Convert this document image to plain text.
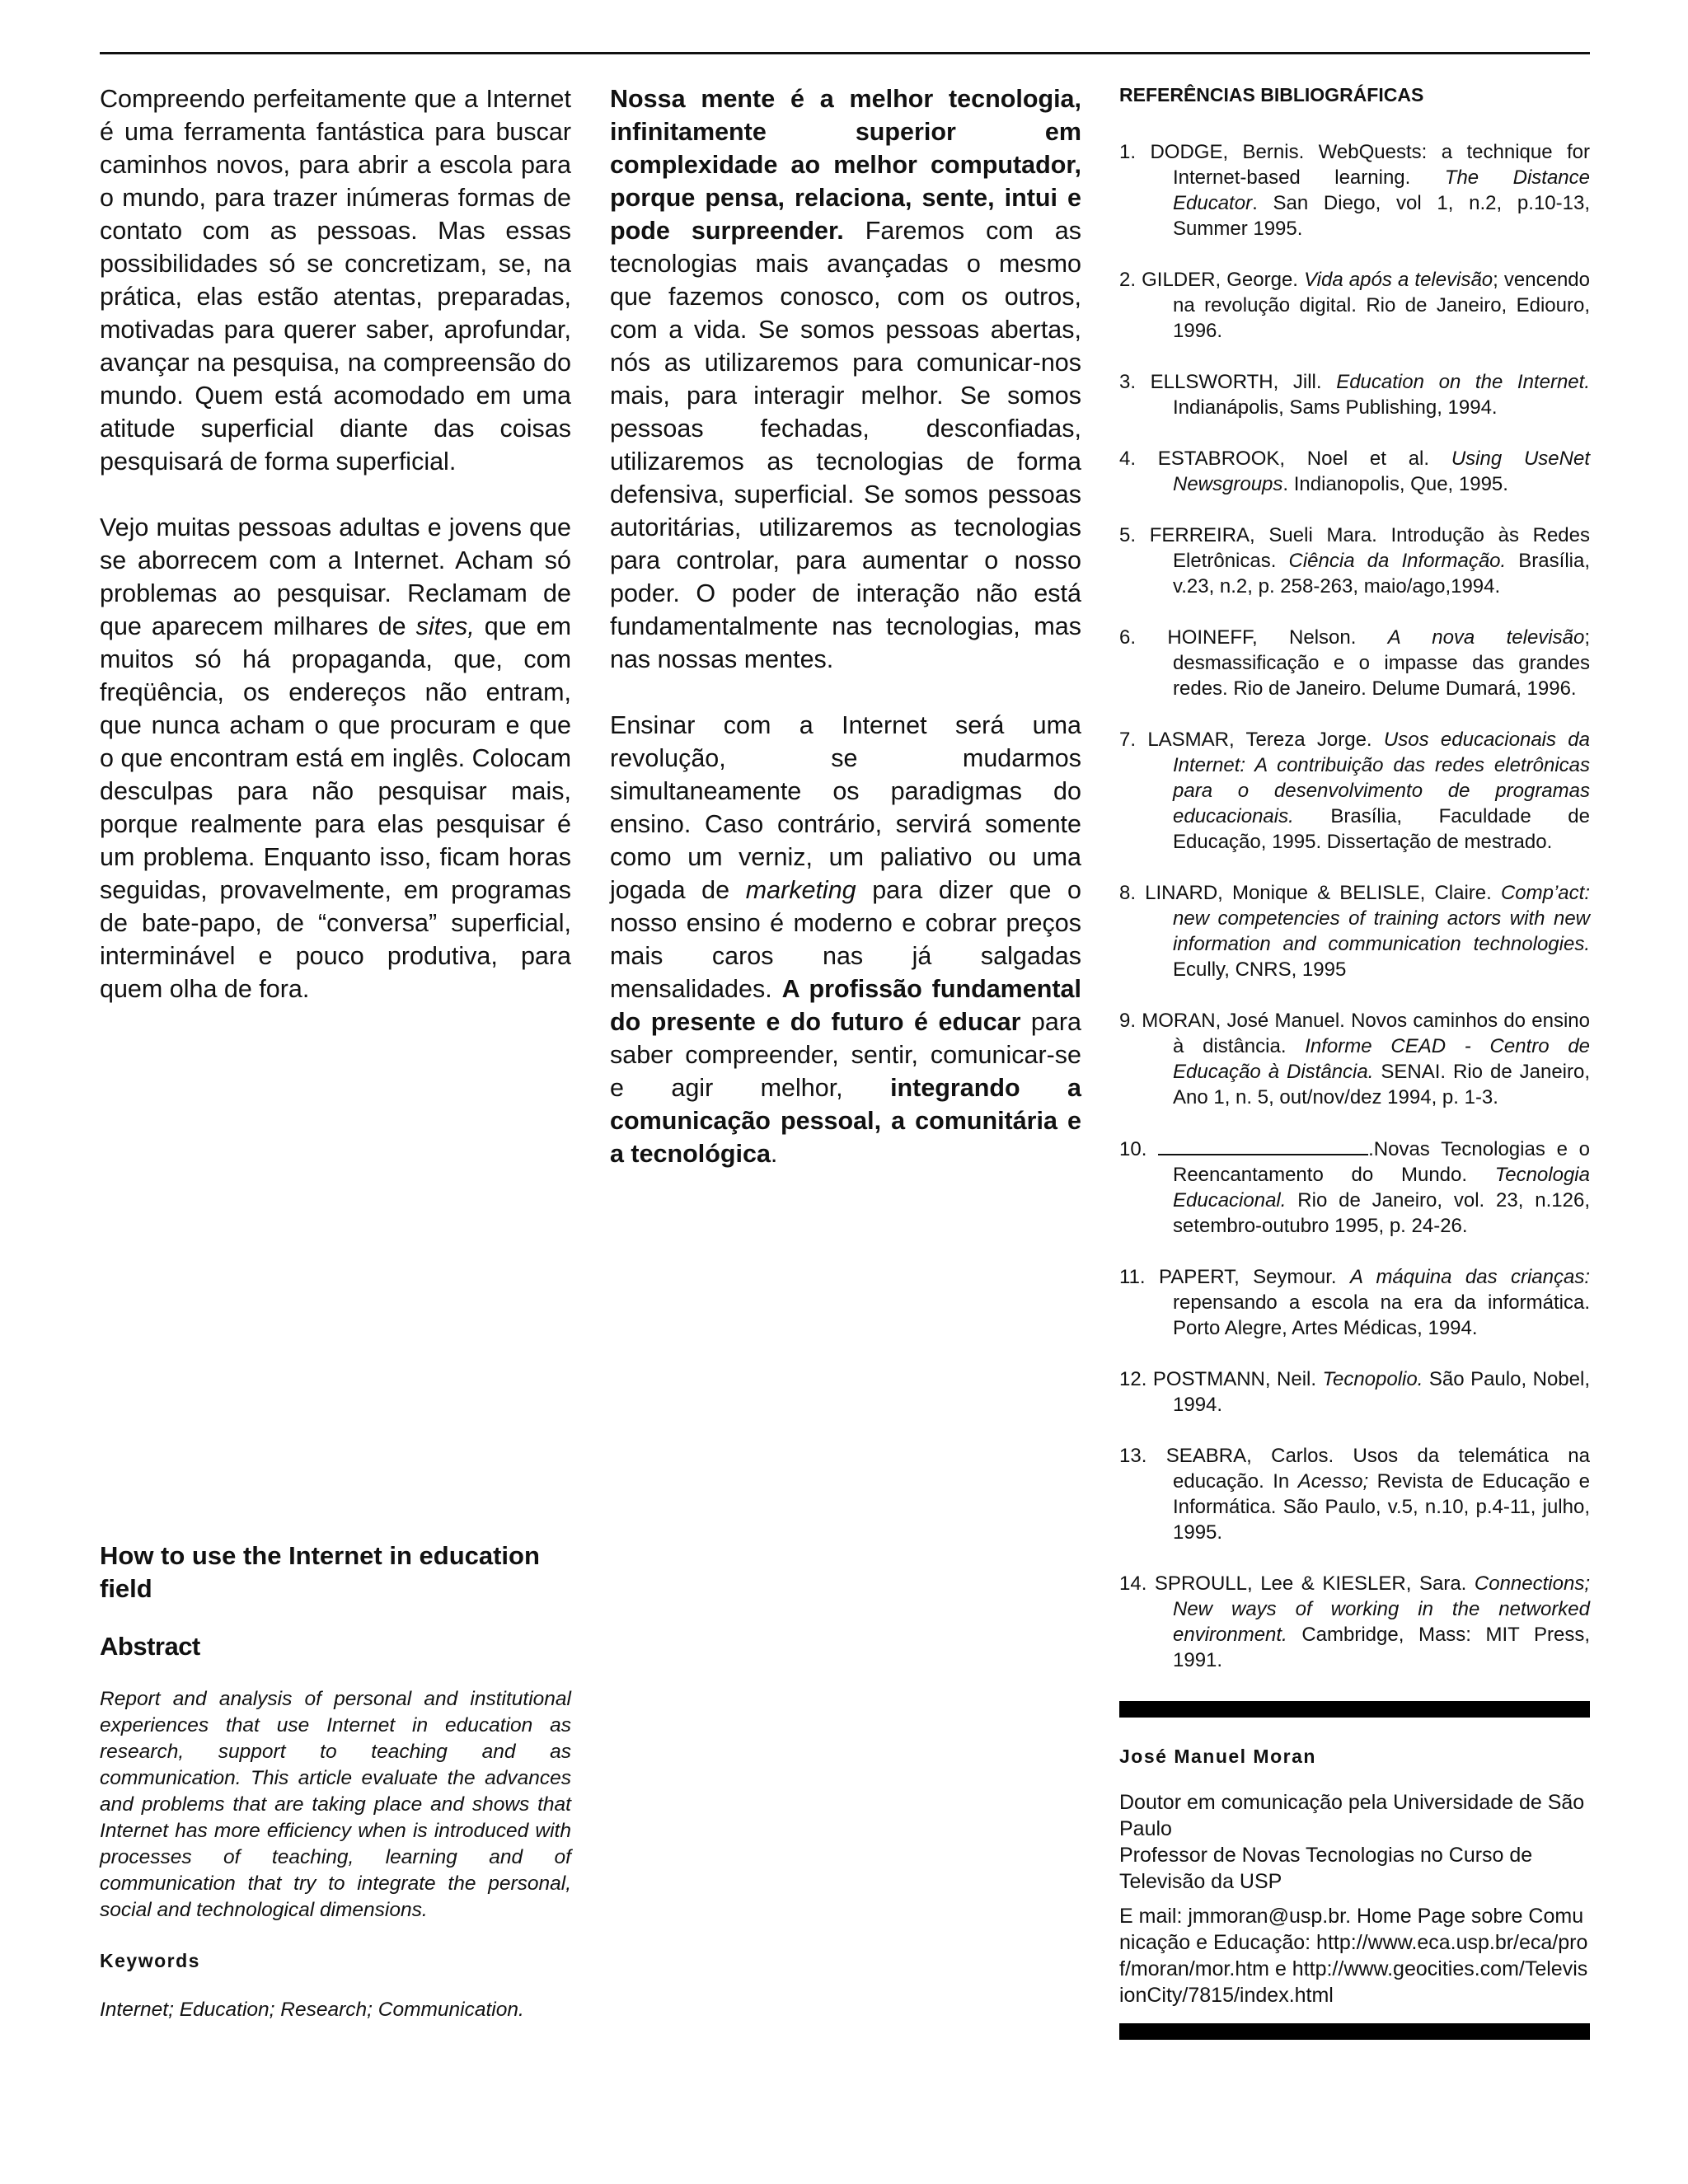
Compreendo perfeitamente que a Internet é uma ferramenta fantástica para buscar caminhos novos, para abrir a escola para o mundo, para trazer inúmeras formas de contato com as pessoas. Mas essas possibilidades só se concretizam, se, na prática, elas estão atentas, preparadas, motivadas para querer saber, aprofundar, avançar na pesquisa, na compreensão do mundo. Quem está acomodado em uma atitude superficial diante das coisas pesquisará de forma superficial.

Vejo muitas pessoas adultas e jovens que se aborrecem com a Internet. Acham só problemas ao pesquisar. Reclamam de que aparecem milhares de sites, que em muitos só há propaganda, que, com freqüência, os endereços não entram, que nunca acham o que procuram e que o que encontram está em inglês. Colocam desculpas para não pesquisar mais, porque realmente para elas pesquisar é um problema. Enquanto isso, ficam horas seguidas, provavelmente, em programas de bate-papo, de “conversa” superficial, interminável e pouco produtiva, para quem olha de fora.

Nossa mente é a melhor tecnologia, infinitamente superior em complexidade ao melhor computador, porque pensa, relaciona, sente, intui e pode surpreender. Faremos com as tecnologias mais avançadas o mesmo que fazemos conosco, com os outros, com a vida. Se somos pessoas abertas, nós as utilizaremos para comunicar-nos mais, para interagir melhor. Se somos pessoas fechadas, desconfiadas, utilizaremos as tecnologias de forma defensiva, superficial. Se somos pessoas autoritárias, utilizaremos as tecnologias para controlar, para aumentar o nosso poder. O poder de interação não está fundamentalmente nas tecnologias, mas nas nossas mentes.

Ensinar com a Internet será uma revolução, se mudarmos simultaneamente os paradigmas do ensino. Caso contrário, servirá somente como um verniz, um paliativo ou uma jogada de marketing para dizer que o nosso ensino é moderno e cobrar preços mais caros nas já salgadas mensalidades. A profissão fundamental do presente e do futuro é educar para saber compreender, sentir, comunicar-se e agir melhor, integrando a comunicação pessoal, a comunitária e a tecnológica.

REFERÊNCIAS BIBLIOGRÁFICAS

1. DODGE, Bernis. WebQuests: a technique for Internet-based learning. The Distance Educator. San Diego, vol 1, n.2, p.10-13, Summer 1995.

2. GILDER, George. Vida após a televisão; vencendo na revolução digital. Rio de Janeiro, Ediouro, 1996.

3. ELLSWORTH, Jill. Education on the Internet. Indianápolis, Sams Publishing, 1994.

4. ESTABROOK, Noel et al. Using UseNet Newsgroups. Indianopolis, Que, 1995.

5. FERREIRA, Sueli Mara. Introdução às Redes Eletrônicas. Ciência da Informação. Brasília, v.23, n.2, p. 258-263, maio/ago,1994.

6. HOINEFF, Nelson. A nova televisão; desmassificação e o impasse das grandes redes. Rio de Janeiro. Delume Dumará, 1996.

7. LASMAR, Tereza Jorge. Usos educacionais da Internet: A contribuição das redes eletrônicas para o desenvolvimento de programas educacionais. Brasília, Faculdade de Educação, 1995. Dissertação de mestrado.

8. LINARD, Monique & BELISLE, Claire. Comp’act: new competencies of training actors with new information and communication technologies. Ecully, CNRS, 1995

9. MORAN, José Manuel. Novos caminhos do ensino à distância. Informe CEAD - Centro de Educação à Distância. SENAI. Rio de Janeiro, Ano 1, n. 5, out/nov/dez 1994, p. 1-3.

10.	.Novas Tecnologias e o Reencantamento do Mundo. Tecnologia Educacional. Rio de Janeiro, vol. 23, n.126, setembro-outubro 1995, p. 24-26.

11. PAPERT, Seymour. A máquina das crianças: repensando a escola na era da informática. Porto Alegre, Artes Médicas, 1994.

12. POSTMANN, Neil. Tecnopolio. São Paulo, Nobel, 1994.

13. SEABRA, Carlos. Usos da telemática na educação. In Acesso; Revista de Educação e Informática. São Paulo, v.5, n.10, p.4-11, julho, 1995.

14. SPROULL, Lee & KIESLER, Sara. Connections; New ways of working in the networked environment. Cambridge, Mass: MIT Press, 1991.

José Manuel Moran

Doutor em comunicação pela Universidade de São Paulo

Professor de Novas Tecnologias no Curso de Televisão da USP

E mail: jmmoran@usp.br. Home Page sobre Comunicação e Educação: http://www.eca.usp.br/eca/prof/moran/mor.htm e http://www.geocities.com/TelevisionCity/7815/index.html

How to use the Internet in education field
Abstract

Report and analysis of personal and institutional experiences that use Internet in education as research, support to teaching and as communication. This article evaluate the advances and problems that are taking place and shows that Internet has more efficiency when is introduced with processes of teaching, learning and of communication that try to integrate the personal, social and technological dimensions.

Keywords

Internet; Education; Research; Communication.
